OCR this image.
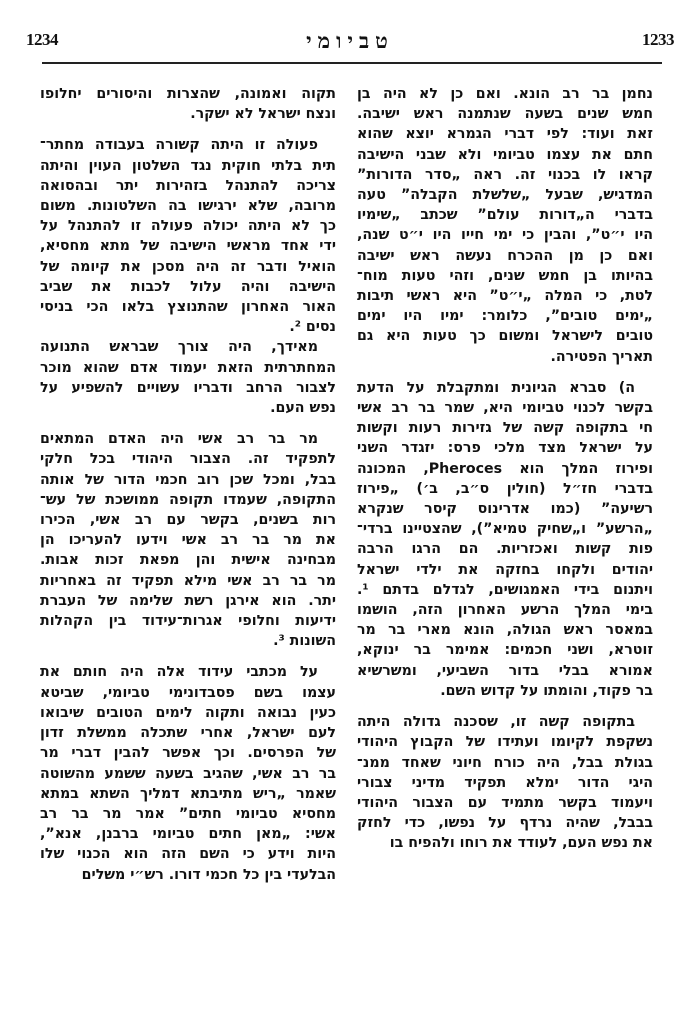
1234	טביומי	1233
נחמן בר רב הונא. ואם כן לא היה בן
חמש שנים בשעה שנתמנה ראש ישיבה.
זאת ועוד: לפי דברי הגמרא יוצא שהוא
חתם את עצמו טביומי ולא שבני הישיבה
קראו לו בכנוי זה. ראה „סדר הדורות”
המדגיש, שבעל „שלשלת הקבלה” טעה
בדברי ה„דורות עולם” שכתב „שימיו
היו י״ט”, והבין כי ימי חייו היו י״ט שנה,
ואם כן מן ההכרח נעשה ראש ישיבה
בהיותו בן חמש שנים, וזהי טעות מוח־
לטת, כי המלה „י״ט” היא ראשי תיבות
„ימים טובים”, כלומר: ימיו היו ימים
טובים לישראל ומשום כך טעות היא גם
תאריך הפטירה.
ה) סברא הגיונית ומתקבלת על הדעת
בקשר לכנוי טביומי היא, שמר בר רב אשי
חי בתקופה קשה של גזירות רעות וקשות
על ישראל מצד מלכי פרס: יזגדר השני
ופירוז המלך הוא Pheroces, המכונה
בדברי חז״ל (חולין ס״ב, ב׳) „פירוז
רשיעה” (כמו אדרינוס קיסר שנקרא
„הרשע” ו„שחיק טמיא”), שהצטיינו ברדי־
פות קשות ואכזריות. הם הרגו הרבה
יהודים ולקחו בחזקה את ילדי ישראל
ויתנום בידי האמגושים, לגדלם בדתם ¹.
בימי המלך הרשע האחרון הזה, הושמו
במאסר ראש הגולה, הונא מארי בר מר
זוטרא, ושני חכמים: אמימר בר ינוקא,
אמורא בבלי בדור השביעי, ומשרשיא
בר פקוד, והומתו על קדוש השם.
בתקופה קשה זו, שסכנה גדולה היתה
נשקפת לקיומו ועתידו של הקבוץ היהודי
בגולת בבל, היה כורח חיוני שאחד ממנ־
היגי הדור ימלא תפקיד מדיני צבורי
ויעמוד בקשר מתמיד עם הצבור היהודי
בבבל, שהיה נרדף על נפשו, כדי לחזק
את נפש העם, לעודד את רוחו ולהפיח בו
תקוה ואמונה, שהצרות והיסורים יחלופו
ונצח ישראל לא ישקר.
פעולה זו היתה קשורה בעבודה מחתר־
תית בלתי חוקית נגד השלטון העוין והיתה
צריכה להתנהל בזהירות יתר ובהסואה
מרובה, שלא ירגישו בה השלטונות. משום
כך לא היתה יכולה פעולה זו להתנהל על
ידי אחד מראשי הישיבה של מתא מחסיא,
הואיל ודבר זה היה מסכן את קיומה של
הישיבה והיה עלול לכבות את שביב
האור האחרון שהתנוצץ בלאו הכי בניסי
נסים ².
מאידך, היה צורך שבראש התנועה
המחתרתית הזאת יעמוד אדם שהוא מוכר
לצבור הרחב ודבריו עשויים להשפיע על
נפש העם.
מר בר רב אשי היה האדם המתאים
לתפקיד זה. הצבור היהודי בכל חלקי
בבל, ומכל שכן רוב חכמי הדור של אותה
התקופה, שעמדו תקופה ממושכת של עש־
רות בשנים, בקשר עם רב אשי, הכירו
את מר בר רב אשי וידעו להעריכו הן
מבחינה אישית והן מפאת זכות אבות.
מר בר רב אשי מילא תפקיד זה באחריות
יתר. הוא אירגן רשת שלימה של העברת
ידיעות וחלופי אגרות־עידוד בין הקהלות
השונות ³.
על מכתבי עידוד אלה היה חותם את
עצמו בשם פסבדונימי טביומי, שביטא
כעין נבואה ותקוה לימים הטובים שיבואו
לעם ישראל, אחרי שתכלה ממשלת זדון
של הפרסים. וכך אפשר להבין דברי מר
בר רב אשי, שהגיב בשעה ששמע מהשוטה
שאמר „ריש מתיבתא דמליך השתא במתא
מחסיא טביומי חתים” אמר מר בר רב
אשי: „מאן חתים טביומי ברבנן, אנא”,
היות וידע כי השם הזה הוא הכנוי שלו
הבלעדי בין כל חכמי דורו. רש״י משלים
